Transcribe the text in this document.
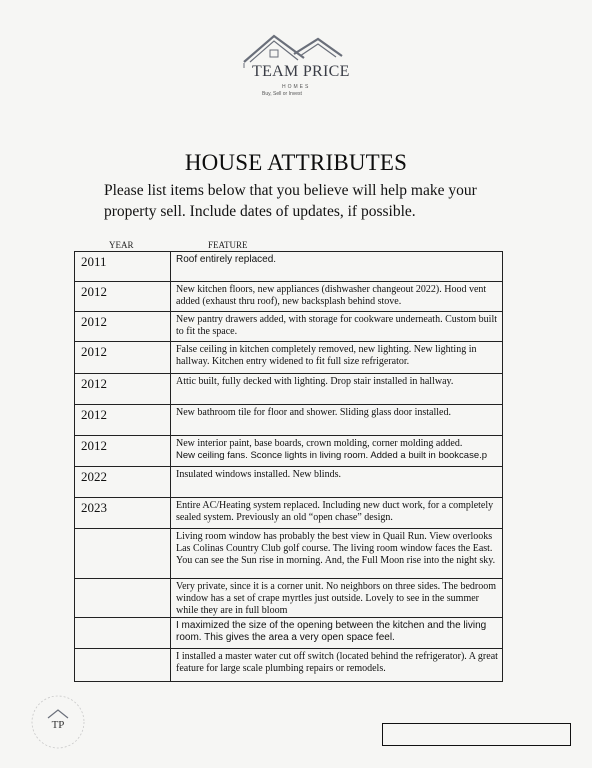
TEAM PRICE
HOMES
Buy, Sell or Invest
HOUSE ATTRIBUTES
Please list items below that you believe will help make your property sell. Include dates of updates, if possible.
YEAR	FEATURE
2011	Roof entirely replaced.
2012	New kitchen floors, new appliances (dishwasher changeout 2022). Hood vent added (exhaust thru roof), new backsplash behind stove.
2012	New pantry drawers added, with storage for cookware underneath. Custom built to fit the space.
2012	False ceiling in kitchen completely removed, new lighting. New lighting in hallway. Kitchen entry widened to fit full size refrigerator.
2012	Attic built, fully decked with lighting. Drop stair installed in hallway.
2012	New bathroom tile for floor and shower. Sliding glass door installed.
2012	New interior paint, base boards, crown molding, corner molding added.
New ceiling fans. Sconce lights in living room. Added a built in bookcase.p

2022	Insulated windows installed. New blinds.
2023	Entire AC/Heating system replaced. Including new duct work, for a completely sealed system. Previously an old “open chase” design.
	Living room window has probably the best view in Quail Run. View overlooks Las Colinas Country Club golf course. The living room window faces the East. You can see the Sun rise in morning. And, the Full Moon rise into the night sky.
	Very private, since it is a corner unit. No neighbors on three sides. The bedroom window has a set of crape myrtles just outside. Lovely to see in the summer while they are in full bloom
	I maximized the size of the opening between the kitchen and the living room. This gives the area a very open space feel.
	I installed a master water cut off switch (located behind the refrigerator). A great feature for large scale plumbing repairs or remodels.
TP
